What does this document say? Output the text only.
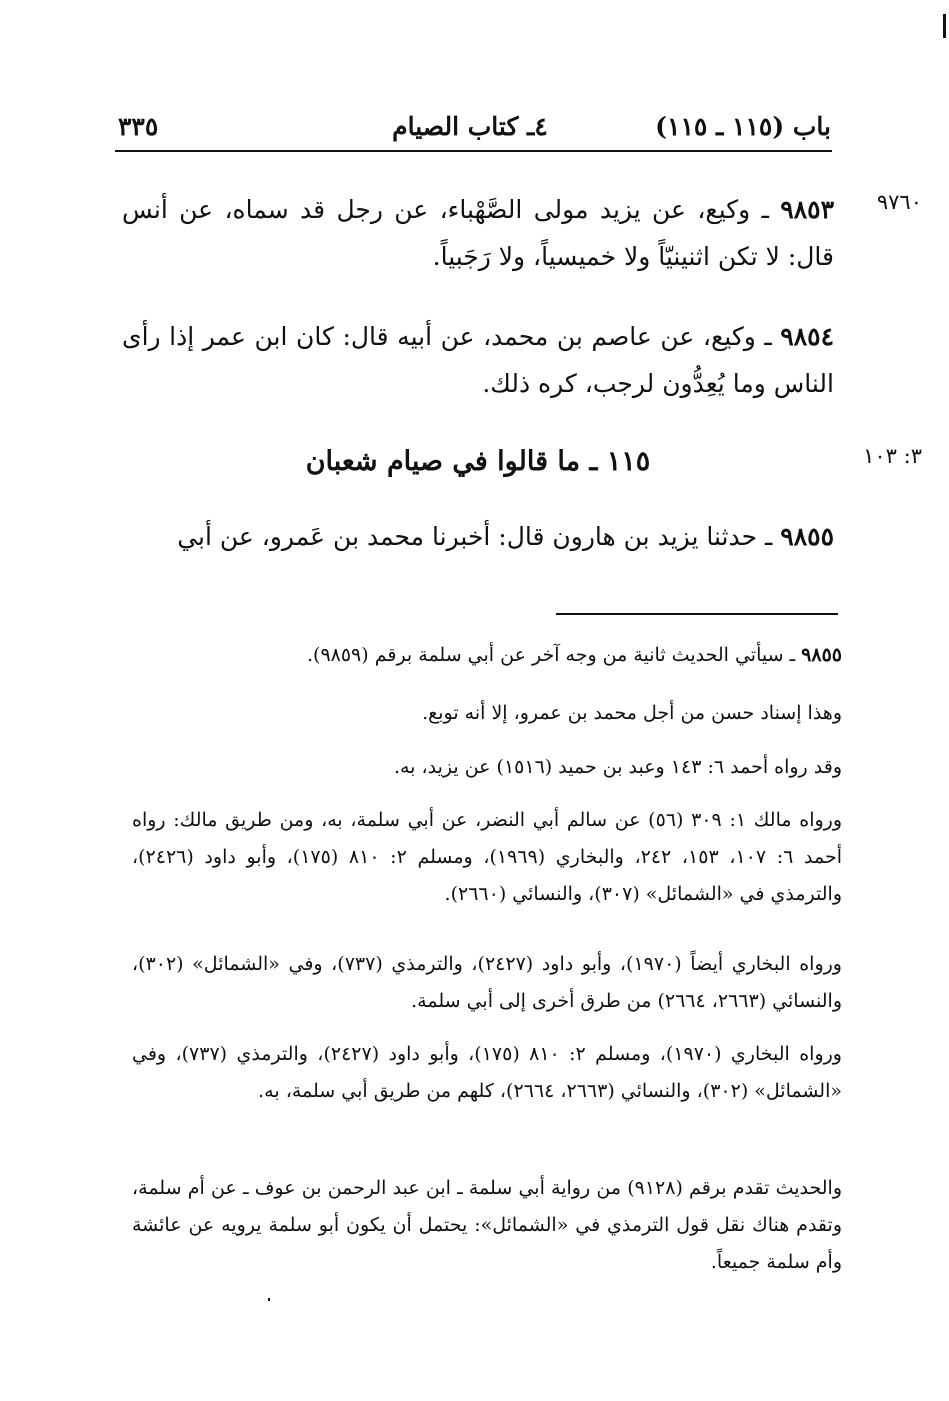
باب (١١٥ ـ ١١٥)
٤ـ كتاب الصيام
٣٣٥
٩٧٦٠
٣: ١٠٣
٩٨٥٣ ـ وكيع، عن يزيد مولى الصَّهْباء، عن رجل قد سماه، عن أنس قال: لا تكن اثنينيّاً ولا خميسياً، ولا رَجَبياً.
٩٨٥٤ ـ وكيع، عن عاصم بن محمد، عن أبيه قال: كان ابن عمر إذا رأى الناس وما يُعِدُّون لرجب، كره ذلك.
١١٥ ـ ما قالوا في صيام شعبان
٩٨٥٥ ـ حدثنا يزيد بن هارون قال: أخبرنا محمد بن عَمرو، عن أبي
٩٨٥٥ ـ سيأتي الحديث ثانية من وجه آخر عن أبي سلمة برقم (٩٨٥٩).
وهذا إسناد حسن من أجل محمد بن عمرو، إلا أنه توبع.
وقد رواه أحمد ٦: ١٤٣ وعبد بن حميد (١٥١٦) عن يزيد، به.
ورواه مالك ١: ٣٠٩ (٥٦) عن سالم أبي النضر، عن أبي سلمة، به، ومن طريق مالك: رواه أحمد ٦: ١٠٧، ١٥٣، ٢٤٢، والبخاري (١٩٦٩)، ومسلم ٢: ٨١٠ (١٧٥)، وأبو داود (٢٤٢٦)، والترمذي في «الشمائل» (٣٠٧)، والنسائي (٢٦٦٠).
ورواه البخاري أيضاً (١٩٧٠)، وأبو داود (٢٤٢٧)، والترمذي (٧٣٧)، وفي «الشمائل» (٣٠٢)، والنسائي (٢٦٦٣، ٢٦٦٤) من طرق أخرى إلى أبي سلمة.
ورواه البخاري (١٩٧٠)، ومسلم ٢: ٨١٠ (١٧٥)، وأبو داود (٢٤٢٧)، والترمذي (٧٣٧)، وفي «الشمائل» (٣٠٢)، والنسائي (٢٦٦٣، ٢٦٦٤)، كلهم من طريق أبي سلمة، به.
والحديث تقدم برقم (٩١٢٨) من رواية أبي سلمة ـ ابن عبد الرحمن بن عوف ـ عن أم سلمة، وتقدم هناك نقل قول الترمذي في «الشمائل»: يحتمل أن يكون أبو سلمة يرويه عن عائشة وأم سلمة جميعاً.
